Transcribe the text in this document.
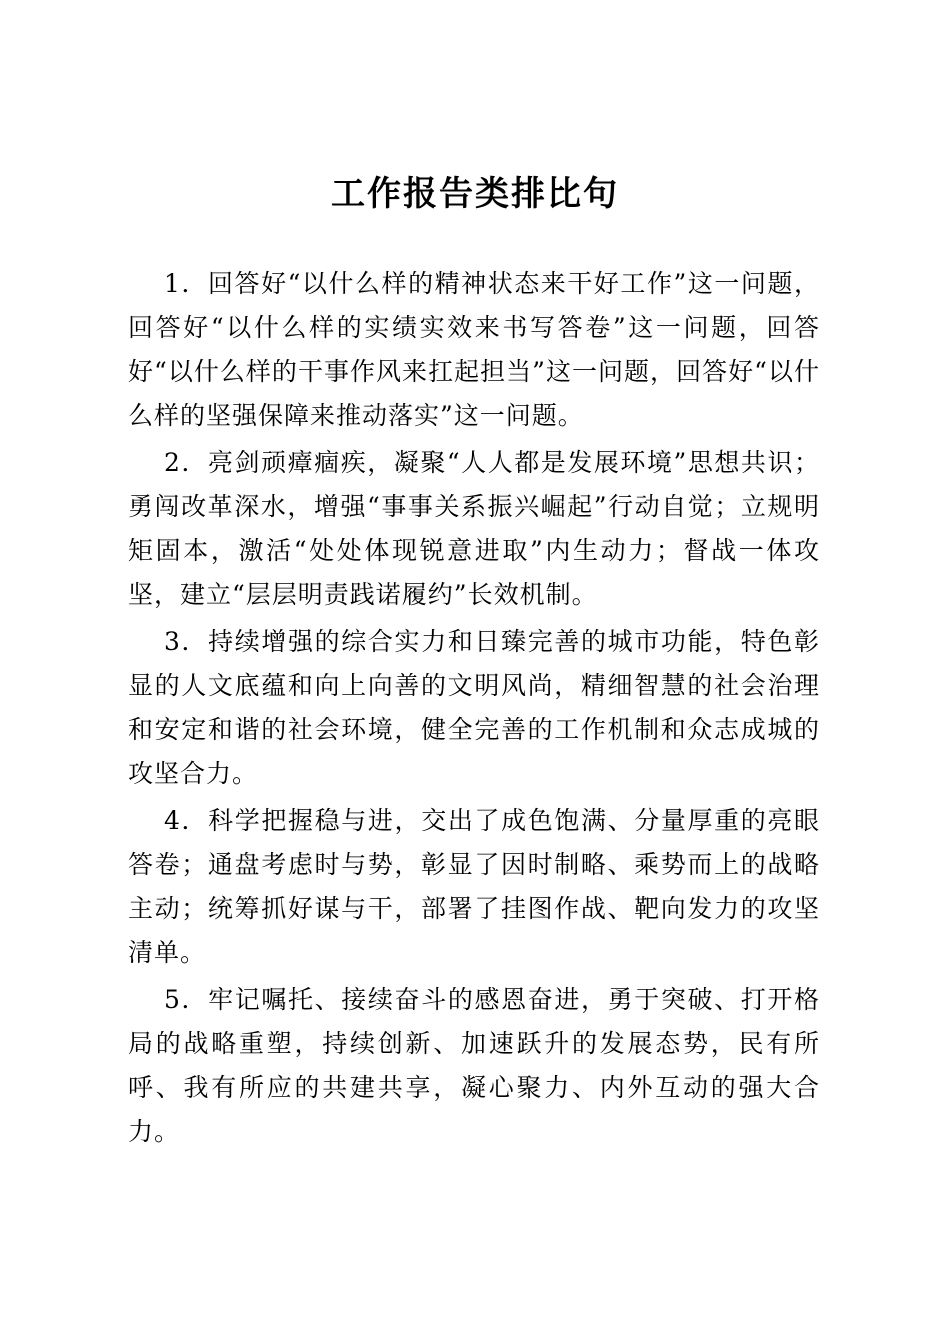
工作报告类排比句

1．回答好“以什么样的精神状态来干好工作”这一问题，回答好“以什么样的实绩实效来书写答卷”这一问题，回答好“以什么样的干事作风来扛起担当”这一问题，回答好“以什么样的坚强保障来推动落实”这一问题。

2．亮剑顽瘴痼疾，凝聚“人人都是发展环境”思想共识；勇闯改革深水，增强“事事关系振兴崛起”行动自觉；立规明矩固本，激活“处处体现锐意进取”内生动力；督战一体攻坚，建立“层层明责践诺履约”长效机制。

3．持续增强的综合实力和日臻完善的城市功能，特色彰显的人文底蕴和向上向善的文明风尚，精细智慧的社会治理和安定和谐的社会环境，健全完善的工作机制和众志成城的攻坚合力。

4．科学把握稳与进，交出了成色饱满、分量厚重的亮眼答卷；通盘考虑时与势，彰显了因时制略、乘势而上的战略主动；统筹抓好谋与干，部署了挂图作战、靶向发力的攻坚清单。

5．牢记嘱托、接续奋斗的感恩奋进，勇于突破、打开格局的战略重塑，持续创新、加速跃升的发展态势，民有所呼、我有所应的共建共享，凝心聚力、内外互动的强大合力。
